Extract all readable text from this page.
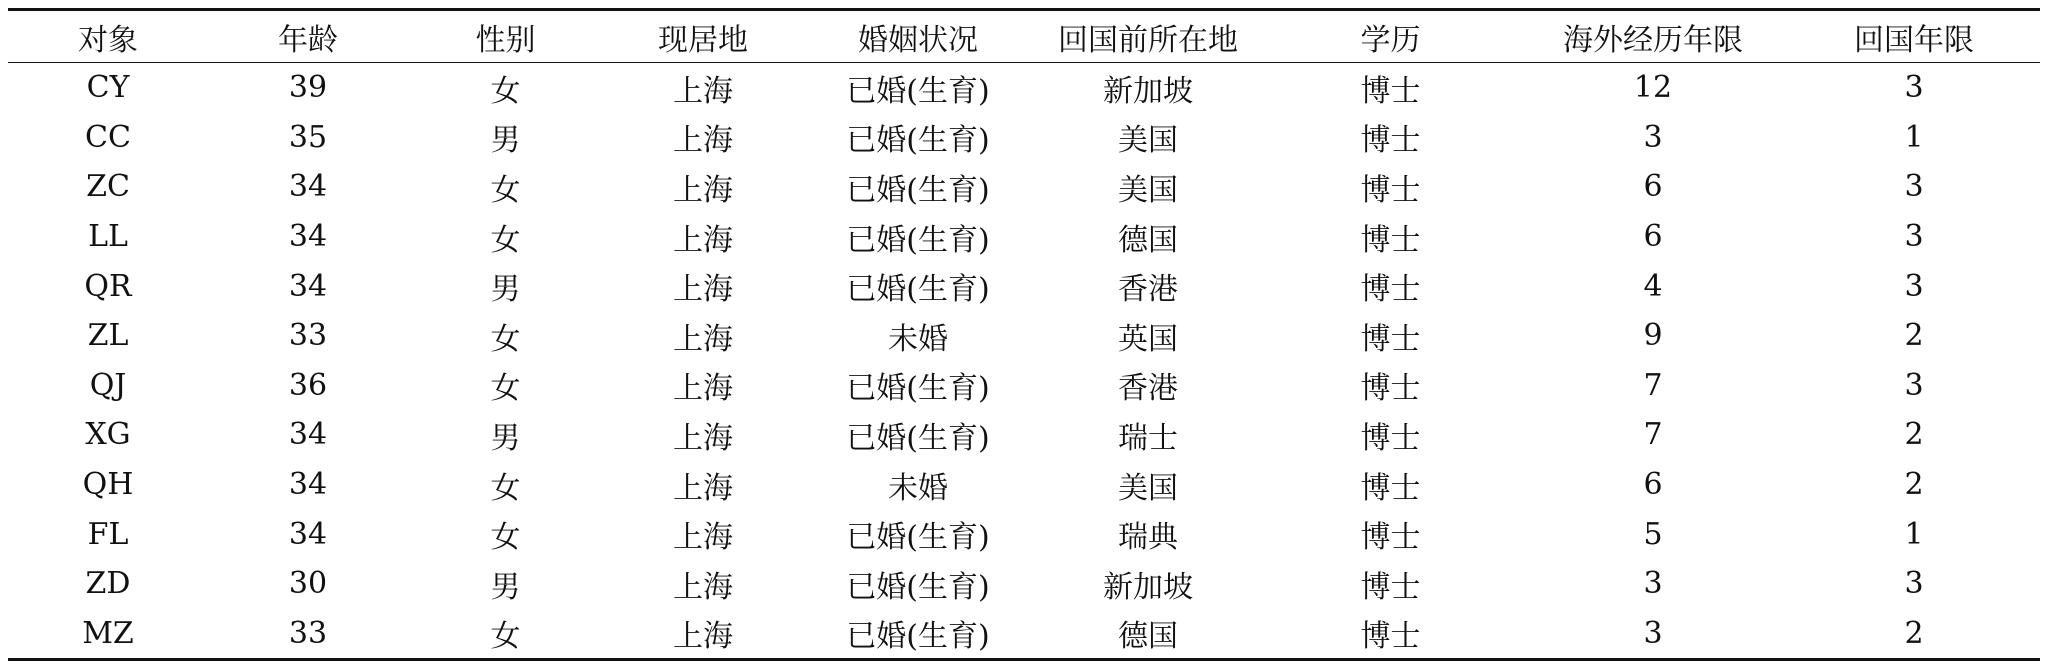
对象	年龄	性别	现居地	婚姻状况	回国前所在地	学历	海外经历年限	回国年限
CY	39	女	上海	已婚(生育)	新加坡	博士	12	3
CC	35	男	上海	已婚(生育)	美国	博士	3	1
ZC	34	女	上海	已婚(生育)	美国	博士	6	3
LL	34	女	上海	已婚(生育)	德国	博士	6	3
QR	34	男	上海	已婚(生育)	香港	博士	4	3
ZL	33	女	上海	未婚	英国	博士	9	2
QJ	36	女	上海	已婚(生育)	香港	博士	7	3
XG	34	男	上海	已婚(生育)	瑞士	博士	7	2
QH	34	女	上海	未婚	美国	博士	6	2
FL	34	女	上海	已婚(生育)	瑞典	博士	5	1
ZD	30	男	上海	已婚(生育)	新加坡	博士	3	3
MZ	33	女	上海	已婚(生育)	德国	博士	3	2
